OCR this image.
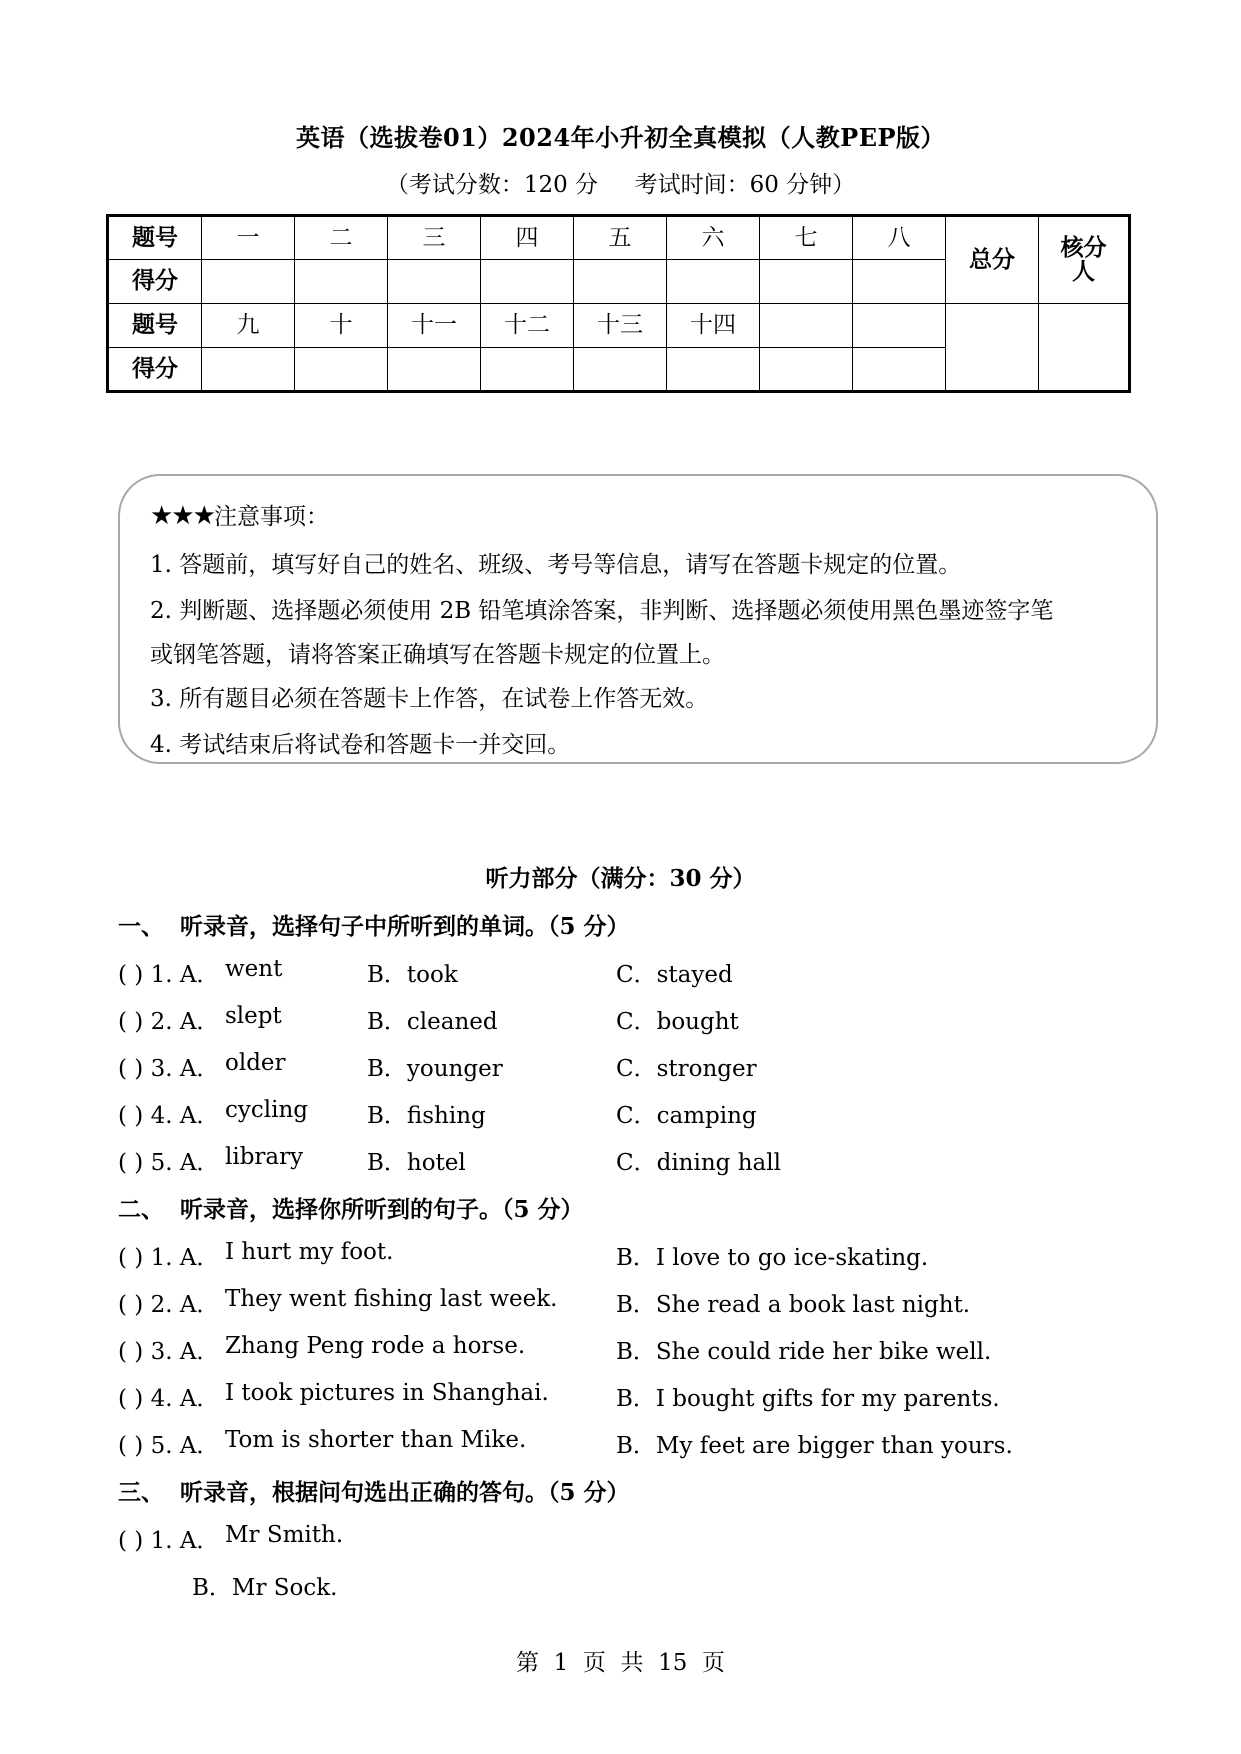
英语（选拔卷01）2024年小升初全真模拟（人教PEP版）
（考试分数：120 分     考试时间：60 分钟）
题号	一	二	三	四	五	六	七	八	总分	核分人
得分										
题号	九	十	十一	十二	十三	十四				
得分										
★★★注意事项：
1. 答题前，填写好自己的姓名、班级、考号等信息，请写在答题卡规定的位置。
2. 判断题、选择题必须使用 2B 铅笔填涂答案，非判断、选择题必须使用黑色墨迹签字笔
或钢笔答题，请将答案正确填写在答题卡规定的位置上。
3. 所有题目必须在答题卡上作答，在试卷上作答无效。
4. 考试结束后将试卷和答题卡一并交回。
听力部分（满分：30 分）
一、  听录音，选择句子中所听到的单词。（5 分）
( ) 1. A． went	B．took	C．stayed
( ) 2. A． slept	B．cleaned	C．bought
( ) 3. A． older	B．younger	C．stronger
( ) 4. A． cycling	B．fishing	C．camping
( ) 5. A． library	B．hotel	C．dining hall
二、  听录音，选择你所听到的句子。（5 分）
( ) 1. A． I hurt my foot.	B．I love to go ice-skating.
( ) 2. A． They went fishing last week.	B．She read a book last night.
( ) 3. A． Zhang Peng rode a horse.	B．She could ride her bike well.
( ) 4. A． I took pictures in Shanghai.	B．I bought gifts for my parents.
( ) 5. A． Tom is shorter than Mike.	B．My feet are bigger than yours.
三、  听录音，根据问句选出正确的答句。（5 分）
( ) 1. A． Mr Smith.
B．Mr Sock.
第  1  页  共  15  页
